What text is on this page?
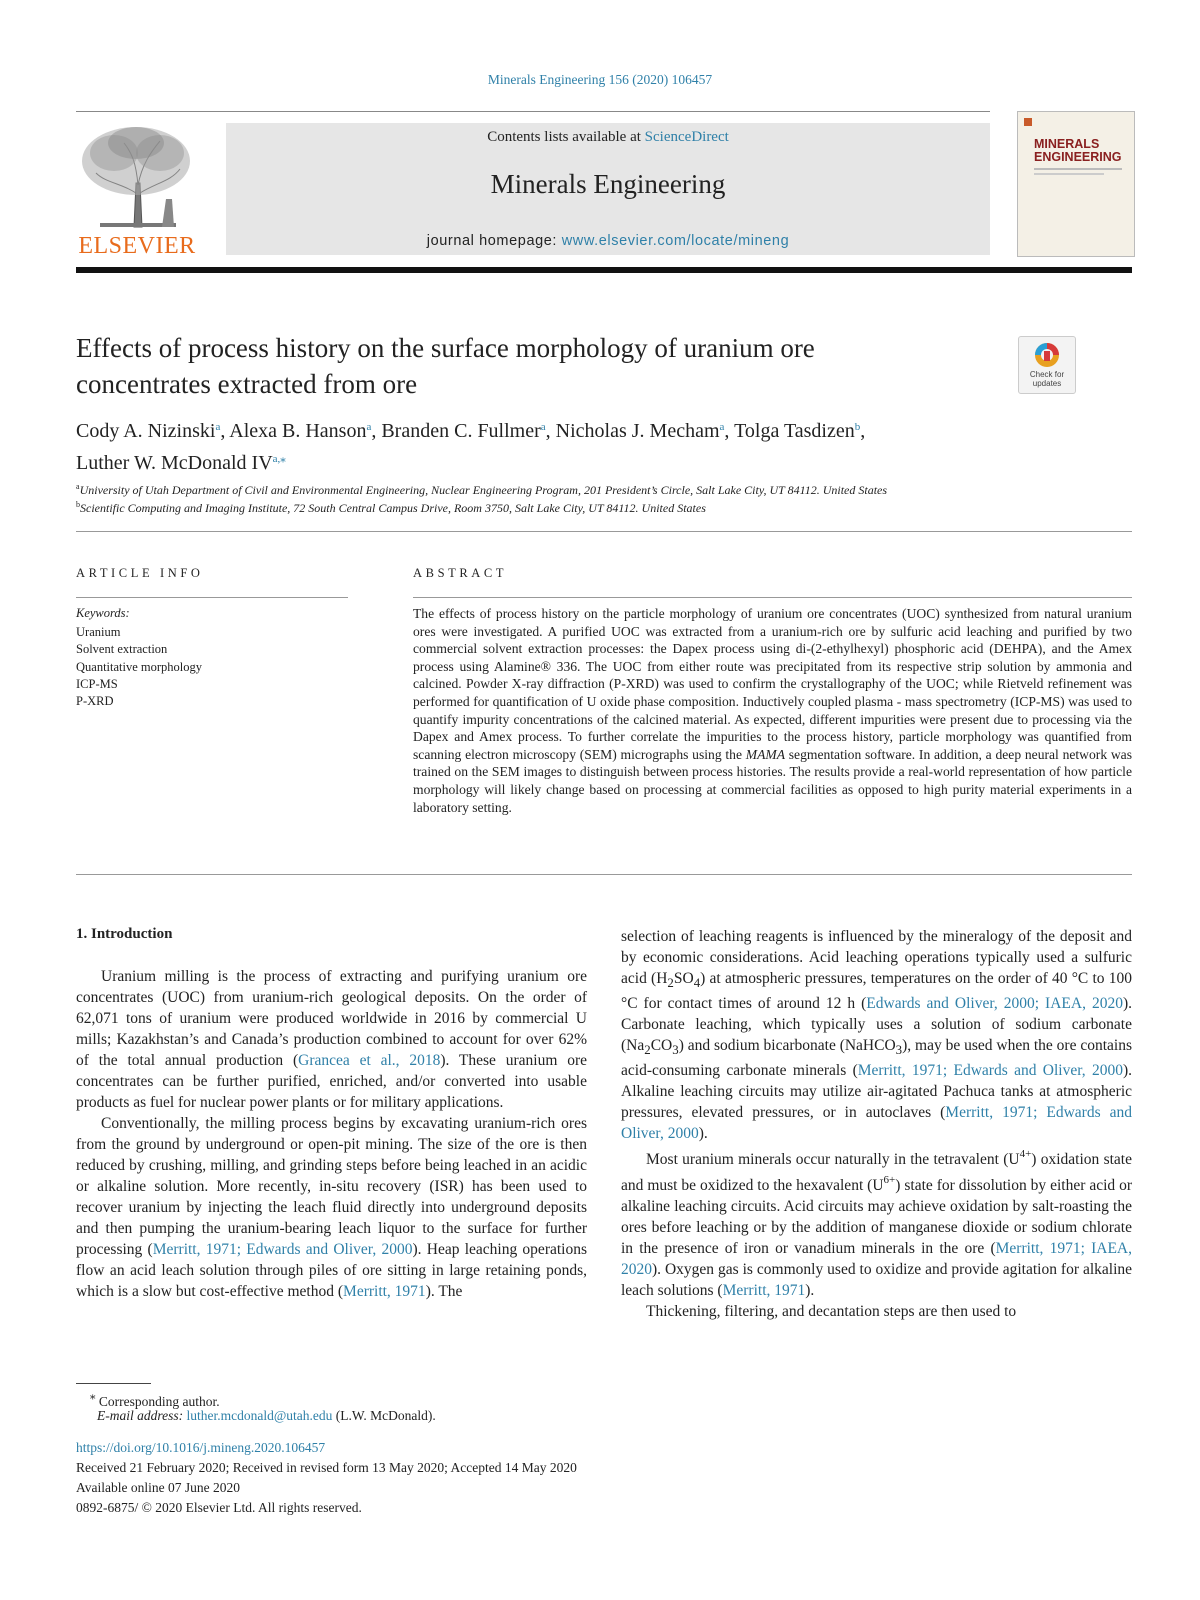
Minerals Engineering 156 (2020) 106457
ELSEVIER
Contents lists available at ScienceDirect
Minerals Engineering
journal homepage: www.elsevier.com/locate/mineng
MINERALS ENGINEERING
Effects of process history on the surface morphology of uranium ore concentrates extracted from ore	Check for updates
Cody A. Nizinski$^a$, Alexa B. Hanson$^a$, Branden C. Fullmer$^a$, Nicholas J. Mecham$^a$, Tolga Tasdizen$^b$,
Luther W. McDonald $IV^{a,⁎}$
$^a$University of Utah Department of Civil and Environmental Engineering, Nuclear Engineering Program, 201 President’s Circle, Salt Lake City, UT 84112. United States
$^b$Scientific Computing and Imaging Institute, 72 South Central Campus Drive, Room 3750, Salt Lake City, UT 84112. United States
ARTICLE INFO	ABSTRACT
Keywords:
Uranium
Solvent extraction
Quantitative morphology
ICP-MS
P-XRD
The effects of process history on the particle morphology of uranium ore concentrates (UOC) synthesized from natural uranium ores were investigated. A purified UOC was extracted from a uranium-rich ore by sulfuric acid leaching and purified by two commercial solvent extraction processes: the Dapex process using di-(2-ethylhexyl) phosphoric acid (DEHPA), and the Amex process using Alamine® 336. The UOC from either route was precipitated from its respective strip solution by ammonia and calcined. Powder X-ray diffraction (P-XRD) was used to confirm the crystallography of the UOC; while Rietveld refinement was performed for quantification of U oxide phase composition. Inductively coupled plasma - mass spectrometry (ICP-MS) was used to quantify impurity concentrations of the calcined material. As expected, different impurities were present due to processing via the Dapex and Amex process. To further correlate the impurities to the process history, particle morphology was quantified from scanning electron microscopy (SEM) micrographs using the MAMA segmentation software. In addition, a deep neural network was trained on the SEM images to distinguish between process histories. The results provide a real-world representation of how particle morphology will likely change based on processing at commercial facilities as opposed to high purity material experiments in a laboratory setting.
1. Introduction

Uranium milling is the process of extracting and purifying uranium ore concentrates (UOC) from uranium-rich geological deposits. On the order of 62,071 tons of uranium were produced worldwide in 2016 by commercial U mills; Kazakhstan’s and Canada’s production combined to account for over 62% of the total annual production (Grancea et al., 2018). These uranium ore concentrates can be further purified, enriched, and/or converted into usable products as fuel for nuclear power plants or for military applications.

Conventionally, the milling process begins by excavating uranium-rich ores from the ground by underground or open-pit mining. The size of the ore is then reduced by crushing, milling, and grinding steps before being leached in an acidic or alkaline solution. More recently, in-situ recovery (ISR) has been used to recover uranium by injecting the leach fluid directly into underground deposits and then pumping the uranium-bearing leach liquor to the surface for further processing (Merritt, 1971; Edwards and Oliver, 2000). Heap leaching operations flow an acid leach solution through piles of ore sitting in large retaining ponds, which is a slow but cost-effective method (Merritt, 1971). The

selection of leaching reagents is influenced by the mineralogy of the deposit and by economic considerations. Acid leaching operations typically used a sulfuric acid $(H_2SO_4)$ at atmospheric pressures, temperatures on the order of 40 °C to 100 °C for contact times of around 12 h (Edwards and Oliver, 2000; IAEA, 2020). Carbonate leaching, which typically uses a solution of sodium carbonate $(Na_2CO_3)$ and sodium bicarbonate (NaHCO$_3$), may be used when the ore contains acid-consuming carbonate minerals (Merritt, 1971; Edwards and Oliver, 2000). Alkaline leaching circuits may utilize air-agitated Pachuca tanks at atmospheric pressures, elevated pressures, or in autoclaves (Merritt, 1971; Edwards and Oliver, 2000).

Most uranium minerals occur naturally in the tetravalent $(U^{4+})$ oxidation state and must be oxidized to the hexavalent $(U^{6+})$ state for dissolution by either acid or alkaline leaching circuits. Acid circuits may achieve oxidation by salt-roasting the ores before leaching or by the addition of manganese dioxide or sodium chlorate in the presence of iron or vanadium minerals in the ore (Merritt, 1971; IAEA, 2020). Oxygen gas is commonly used to oxidize and provide agitation for alkaline leach solutions (Merritt, 1971).

Thickening, filtering, and decantation steps are then used to

⁎ Corresponding author.
E-mail address: luther.mcdonald@utah.edu (L.W. McDonald).
https://doi.org/10.1016/j.mineng.2020.106457
Received 21 February 2020; Received in revised form 13 May 2020; Accepted 14 May 2020
Available online 07 June 2020
0892-6875/ © 2020 Elsevier Ltd. All rights reserved.
